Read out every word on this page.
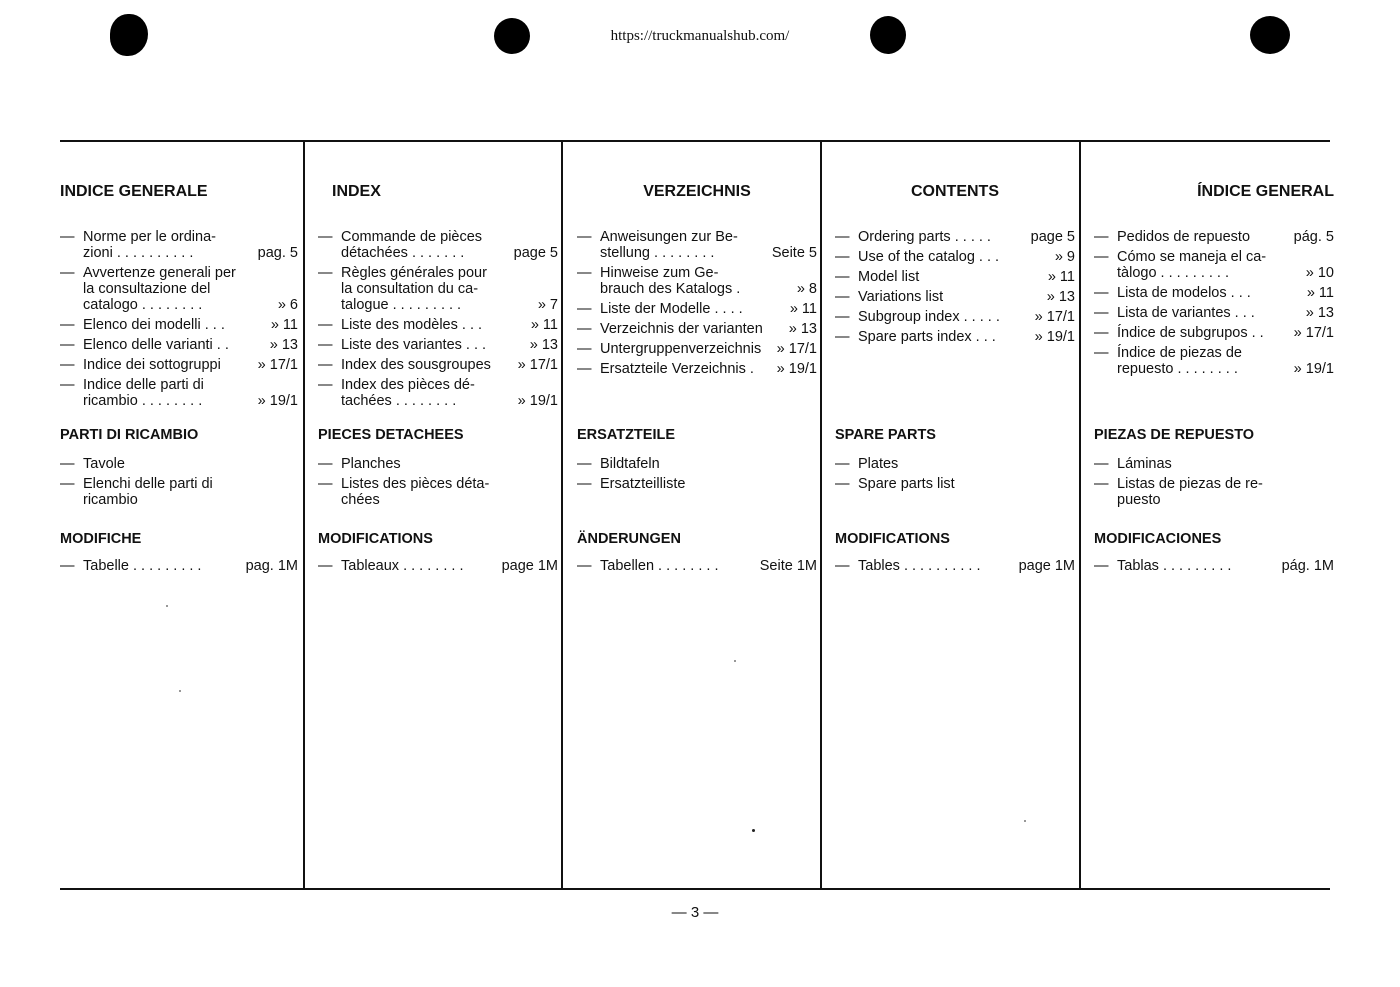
https://truckmanualshub.com/
INDICE GENERALE
— Norme per le ordina-
zioni . . . . . . . . . .	pag. 5
— Avvertenze generali per
la consultazione del
catalogo . . . . . . . .	» 6
— Elenco dei modelli . . .	» 11
— Elenco delle varianti . .	» 13
— Indice dei sottogruppi	» 17/1
— Indice delle parti di
ricambio . . . . . . . .	» 19/1
PARTI DI RICAMBIO
— Tavole
— Elenchi delle parti di
ricambio
MODIFICHE
— Tabelle . . . . . . . . .	pag. 1M
INDEX
— Commande de pièces
détachées . . . . . . .	page 5
— Règles générales pour
la consultation du ca-
talogue . . . . . . . . .	» 7
— Liste des modèles . . .	» 11
— Liste des variantes . . .	» 13
— Index des sousgroupes » 17/1
— Index des pièces dé-
tachées . . . . . . . .	» 19/1
PIECES DETACHEES
— Planches
— Listes des pièces déta-
chées
MODIFICATIONS
— Tableaux . . . . . . . .	page 1M
VERZEICHNIS
— Anweisungen zur Be-
stellung . . . . . . . .	Seite 5
— Hinweise zum Ge-
brauch des Katalogs .	» 8
— Liste der Modelle . . . .	» 11
— Verzeichnis der varianten » 13
— Untergruppenverzeichnis » 17/1
— Ersatzteile Verzeichnis . » 19/1
ERSATZTEILE
— Bildtafeln
— Ersatzteilliste
ÄNDERUNGEN
— Tabellen . . . . . . . .	Seite 1M
CONTENTS
— Ordering parts . . . . .	page 5
— Use of the catalog . . .	» 9
— Model list	» 11
— Variations list	» 13
— Subgroup index . . . . . » 17/1
— Spare parts index . . .	» 19/1
SPARE PARTS
— Plates
— Spare parts list
MODIFICATIONS
— Tables . . . . . . . . . .	page 1M
ÍNDICE GENERAL
— Pedidos de repuesto	pág. 5
— Cómo se maneja el ca-
tàlogo . . . . . . . . .	» 10
— Lista de modelos . . .	» 11
— Lista de variantes . . .	» 13
— Índice de subgrupos . . » 17/1
— Índice de piezas de
repuesto . . . . . . . .	» 19/1
PIEZAS DE REPUESTO
— Láminas
— Listas de piezas de re-
puesto
MODIFICACIONES
— Tablas . . . . . . . . .	pág. 1M
— 3 —
